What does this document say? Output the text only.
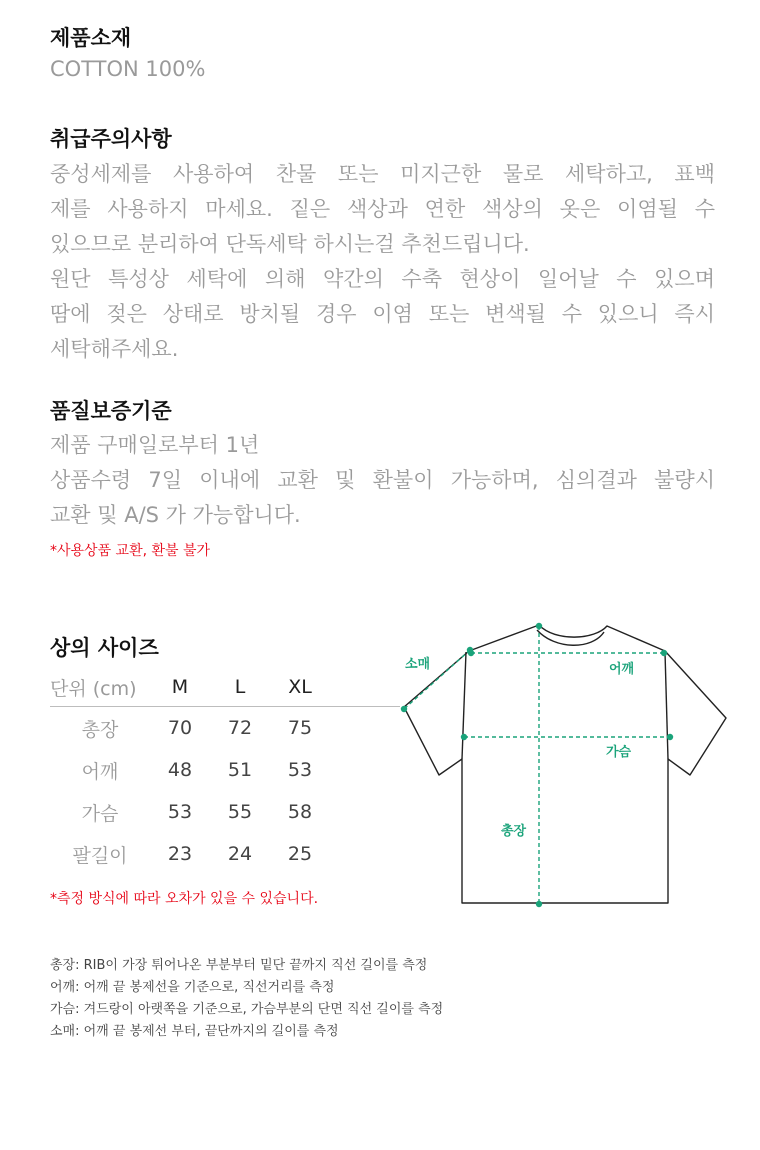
제품소재

COTTON 100%

취급주의사항
중성세제를 사용하여 찬물 또는 미지근한 물로 세탁하고, 표백
제를 사용하지 마세요. 짙은 색상과 연한 색상의 옷은 이염될 수
있으므로 분리하여 단독세탁 하시는걸 추천드립니다.
원단 특성상 세탁에 의해 약간의 수축 현상이 일어날 수 있으며
땀에 젖은 상태로 방치될 경우 이염 또는 변색될 수 있으니 즉시
세탁해주세요.
품질보증기준
제품 구매일로부터 1년
상품수령 7일 이내에 교환 및 환불이 가능하며, 심의결과 불량시
교환 및 A/S 가 가능합니다.

*사용상품 교환, 환불 불가

상의 사이즈
단위 (cm)	M	L	XL	
총장	70	72	75	
어깨	48	51	53	
가슴	53	55	58	
팔길이	23	24	25	

*측정 방식에 따라 오차가 있을 수 있습니다.

소매	어깨
가슴
총장
총장: RIB이 가장 튀어나온 부분부터 밑단 끝까지 직선 길이를 측정
어깨: 어깨 끝 봉제선을 기준으로, 직선거리를 측정
가슴: 겨드랑이 아랫쪽을 기준으로, 가슴부분의 단면 직선 길이를 측정
소매: 어깨 끝 봉제선 부터, 끝단까지의 길이를 측정
